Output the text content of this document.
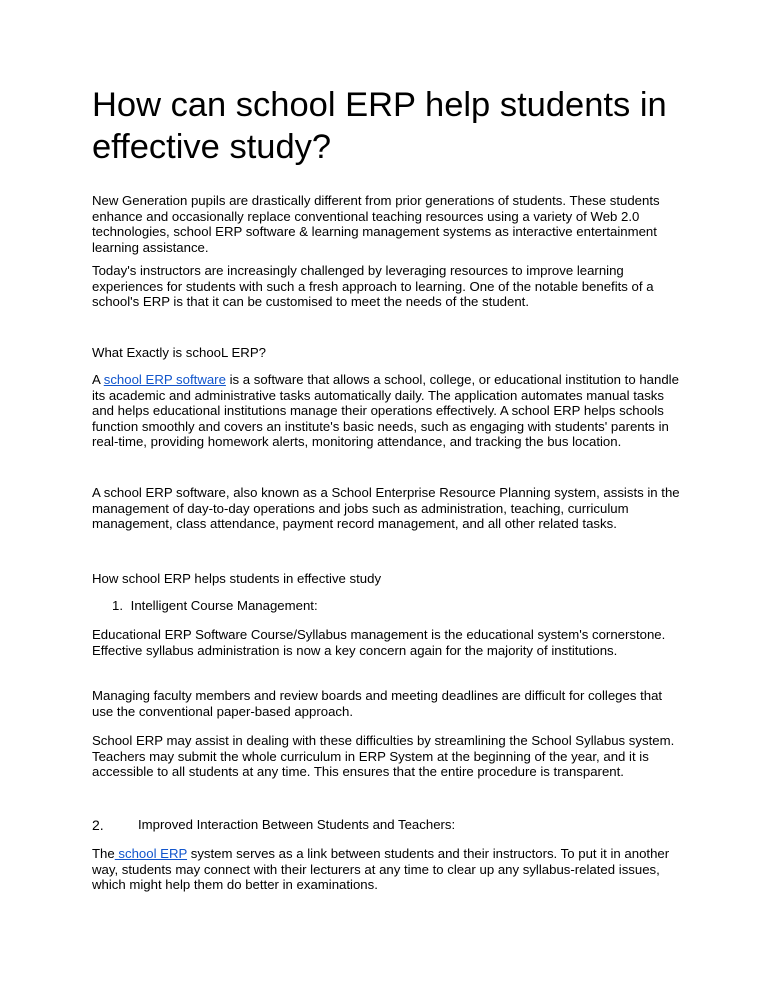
How can school ERP help students in effective study?

New Generation pupils are drastically different from prior generations of students. These students enhance and occasionally replace conventional teaching resources using a variety of Web 2.0 technologies, school ERP software & learning management systems as interactive entertainment learning assistance.

Today's instructors are increasingly challenged by leveraging resources to improve learning experiences for students with such a fresh approach to learning. One of the notable benefits of a school's ERP is that it can be customised to meet the needs of the student.

What Exactly is schooL ERP?

A school ERP software is a software that allows a school, college, or educational institution to handle its academic and administrative tasks automatically daily. The application automates manual tasks and helps educational institutions manage their operations effectively. A school ERP helps schools function smoothly and covers an institute's basic needs, such as engaging with students' parents in real-time, providing homework alerts, monitoring attendance, and tracking the bus location.

A school ERP software, also known as a School Enterprise Resource Planning system, assists in the management of day-to-day operations and jobs such as administration, teaching, curriculum management, class attendance, payment record management, and all other related tasks.

How school ERP helps students in effective study

1. Intelligent Course Management:

Educational ERP Software Course/Syllabus management is the educational system's cornerstone. Effective syllabus administration is now a key concern again for the majority of institutions.

Managing faculty members and review boards and meeting deadlines are difficult for colleges that use the conventional paper-based approach.

School ERP may assist in dealing with these difficulties by streamlining the School Syllabus system. Teachers may submit the whole curriculum in ERP System at the beginning of the year, and it is accessible to all students at any time. This ensures that the entire procedure is transparent.

2.	Improved Interaction Between Students and Teachers:

The school ERP system serves as a link between students and their instructors. To put it in another way, students may connect with their lecturers at any time to clear up any syllabus-related issues, which might help them do better in examinations.
